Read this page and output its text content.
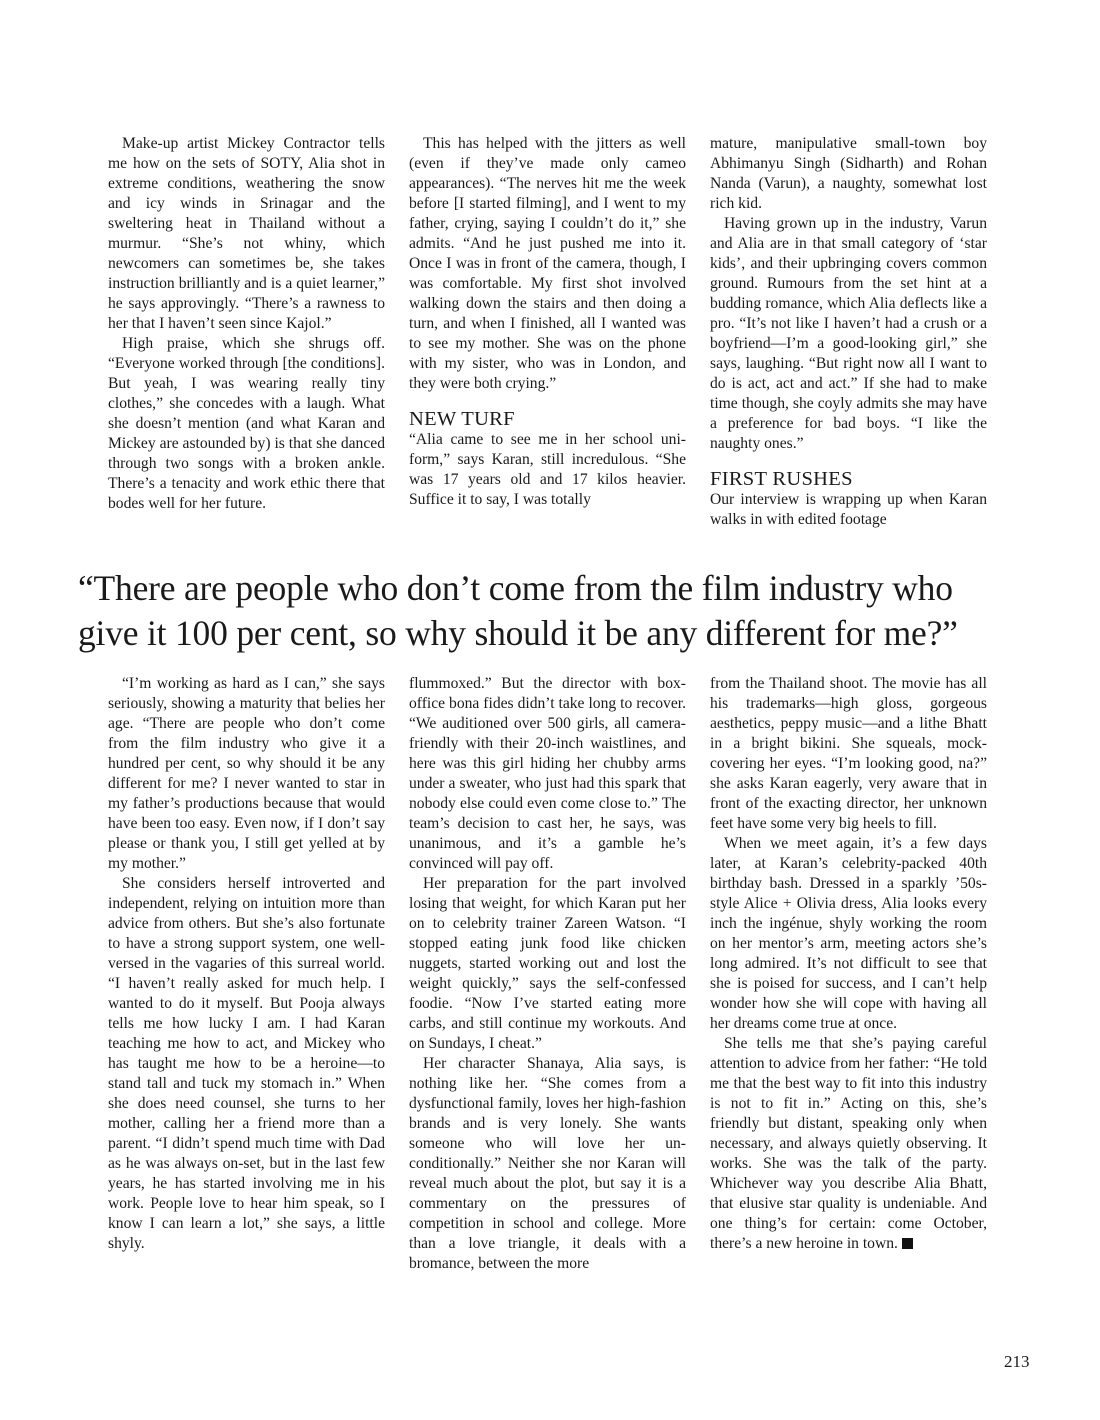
Make-up artist Mickey Contractor tells me how on the sets of SOTY, Alia shot in extreme conditions, weathering the snow and icy winds in Srinagar and the sweltering heat in Thailand without a murmur. “She’s not whiny, which newcomers can sometimes be, she takes instruction brilliantly and is a quiet learner,” he says approvingly. “There’s a rawness to her that I haven’t seen since Kajol.”

High praise, which she shrugs off. “Everyone worked through [the conditions]. But yeah, I was wearing really tiny clothes,” she concedes with a laugh. What she doesn’t mention (and what Karan and Mickey are astounded by) is that she danced through two songs with a broken ankle. There’s a tenacity and work ethic there that bodes well for her future.

This has helped with the jitters as well (even if they’ve made only cameo appearances). “The nerves hit me the week before [I started filming], and I went to my father, crying, saying I couldn’t do it,” she admits. “And he just pushed me into it. Once I was in front of the camera, though, I was comfortable. My first shot involved walking down the stairs and then doing a turn, and when I finished, all I wanted was to see my mother. She was on the phone with my sister, who was in London, and they were both crying.”

NEW TURF

“Alia came to see me in her school uniform,” says Karan, still incredulous. “She was 17 years old and 17 kilos heavier. Suffice it to say, I was totally

mature, manipulative small-town boy Abhimanyu Singh (Sidharth) and Rohan Nanda (Varun), a naughty, somewhat lost rich kid.

Having grown up in the industry, Varun and Alia are in that small category of ‘star kids’, and their upbringing covers common ground. Rumours from the set hint at a budding romance, which Alia deflects like a pro. “It’s not like I haven’t had a crush or a boyfriend—I’m a good-looking girl,” she says, laughing. “But right now all I want to do is act, act and act.” If she had to make time though, she coyly admits she may have a preference for bad boys. “I like the naughty ones.”

FIRST RUSHES

Our interview is wrapping up when Karan walks in with edited footage

“There are people who don’t come from the film industry who
give it 100 per cent, so why should it be any different for me?”

“I’m working as hard as I can,” she says seriously, showing a maturity that belies her age. “There are people who don’t come from the film industry who give it a hundred per cent, so why should it be any different for me? I never wanted to star in my father’s productions because that would have been too easy. Even now, if I don’t say please or thank you, I still get yelled at by my mother.”

She considers herself introverted and independent, relying on intuition more than advice from others. But she’s also fortunate to have a strong support system, one well-versed in the vagaries of this surreal world. “I haven’t really asked for much help. I wanted to do it myself. But Pooja always tells me how lucky I am. I had Karan teaching me how to act, and Mickey who has taught me how to be a heroine—to stand tall and tuck my stomach in.” When she does need counsel, she turns to her mother, calling her a friend more than a parent. “I didn’t spend much time with Dad as he was always on-set, but in the last few years, he has started involving me in his work. People love to hear him speak, so I know I can learn a lot,” she says, a little shyly.

flummoxed.” But the director with box-office bona fides didn’t take long to recover. “We auditioned over 500 girls, all camera-friendly with their 20-inch waistlines, and here was this girl hiding her chubby arms under a sweater, who just had this spark that nobody else could even come close to.” The team’s decision to cast her, he says, was unanimous, and it’s a gamble he’s convinced will pay off.

Her preparation for the part involved losing that weight, for which Karan put her on to celebrity trainer Zareen Watson. “I stopped eating junk food like chicken nuggets, started working out and lost the weight quickly,” says the self-confessed foodie. “Now I’ve started eating more carbs, and still continue my workouts. And on Sundays, I cheat.”

Her character Shanaya, Alia says, is nothing like her. “She comes from a dysfunctional family, loves her high-fashion brands and is very lonely. She wants someone who will love her unconditionally.” Neither she nor Karan will reveal much about the plot, but say it is a commentary on the pressures of competition in school and college. More than a love triangle, it deals with a bromance, between the more

from the Thailand shoot. The movie has all his trademarks—high gloss, gorgeous aesthetics, peppy music—and a lithe Bhatt in a bright bikini. She squeals, mock-covering her eyes. “I’m looking good, na?” she asks Karan eagerly, very aware that in front of the exacting director, her unknown feet have some very big heels to fill.

When we meet again, it’s a few days later, at Karan’s celebrity-packed 40th birthday bash. Dressed in a sparkly ’50s-style Alice + Olivia dress, Alia looks every inch the ingénue, shyly working the room on her mentor’s arm, meeting actors she’s long admired. It’s not difficult to see that she is poised for success, and I can’t help wonder how she will cope with having all her dreams come true at once.

She tells me that she’s paying careful attention to advice from her father: “He told me that the best way to fit into this industry is not to fit in.” Acting on this, she’s friendly but distant, speaking only when necessary, and always quietly observing. It works. She was the talk of the party. Whichever way you describe Alia Bhatt, that elusive star quality is undeniable. And one thing’s for certain: come October, there’s a new heroine in town.

213
